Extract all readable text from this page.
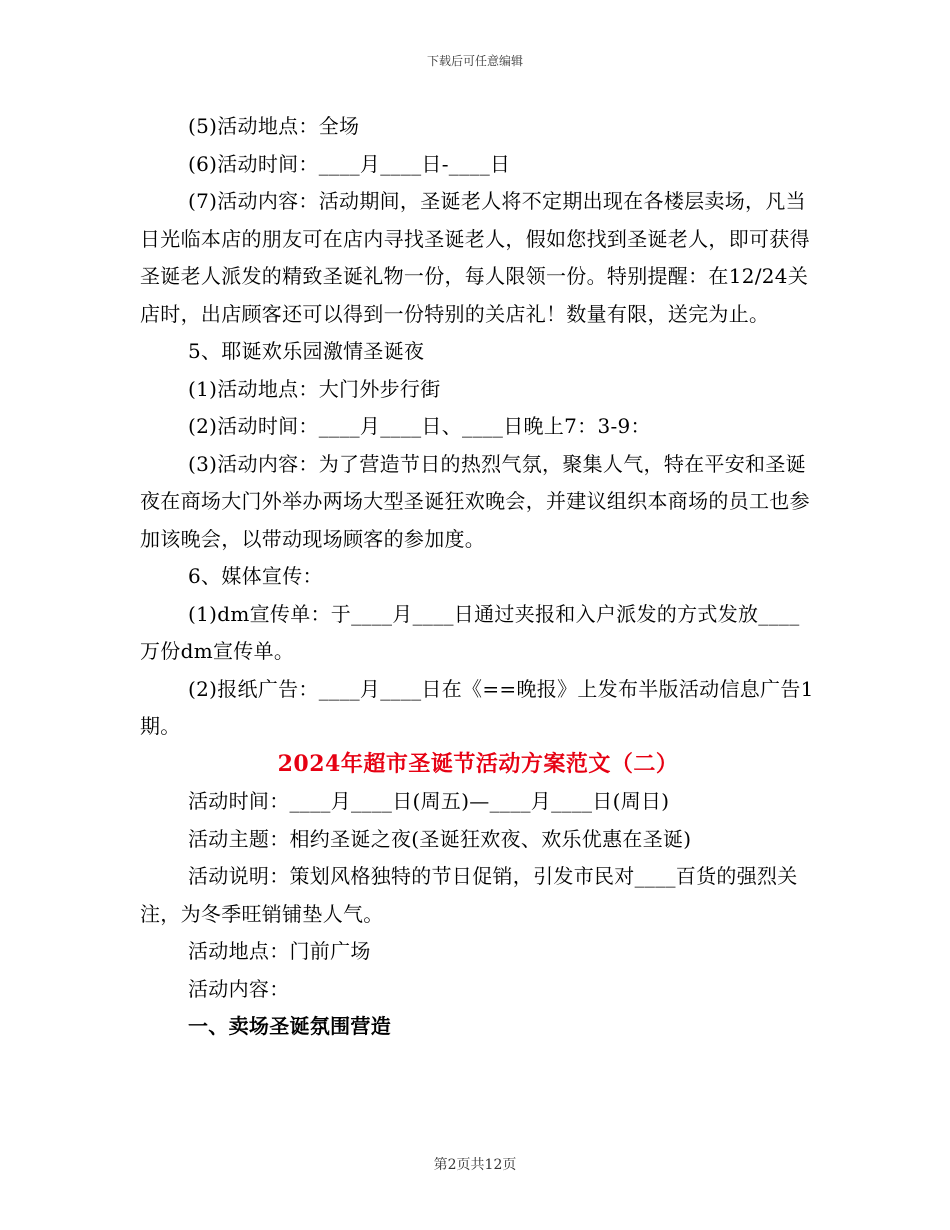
下载后可任意编辑

(5)活动地点：全场

(6)活动时间：____月____日-____日

(7)活动内容：活动期间，圣诞老人将不定期出现在各楼层卖场，凡当日光临本店的朋友可在店内寻找圣诞老人，假如您找到圣诞老人，即可获得圣诞老人派发的精致圣诞礼物一份，每人限领一份。特别提醒：在12/24关店时，出店顾客还可以得到一份特别的关店礼！数量有限，送完为止。

5、耶诞欢乐园激情圣诞夜

(1)活动地点：大门外步行街

(2)活动时间：____月____日、____日晚上7：3-9：

(3)活动内容：为了营造节日的热烈气氛，聚集人气，特在平安和圣诞夜在商场大门外举办两场大型圣诞狂欢晚会，并建议组织本商场的员工也参加该晚会，以带动现场顾客的参加度。

6、媒体宣传：

(1)dm宣传单：于____月____日通过夹报和入户派发的方式发放____万份dm宣传单。

(2)报纸广告：____月____日在《==晚报》上发布半版活动信息广告1期。

2024年超市圣诞节活动方案范文（二）

活动时间：____月____日(周五)—____月____日(周日)

活动主题：相约圣诞之夜(圣诞狂欢夜、欢乐优惠在圣诞)

活动说明：策划风格独特的节日促销，引发市民对____百货的强烈关注，为冬季旺销铺垫人气。

活动地点：门前广场

活动内容：

一、卖场圣诞氛围营造

第2页共12页
